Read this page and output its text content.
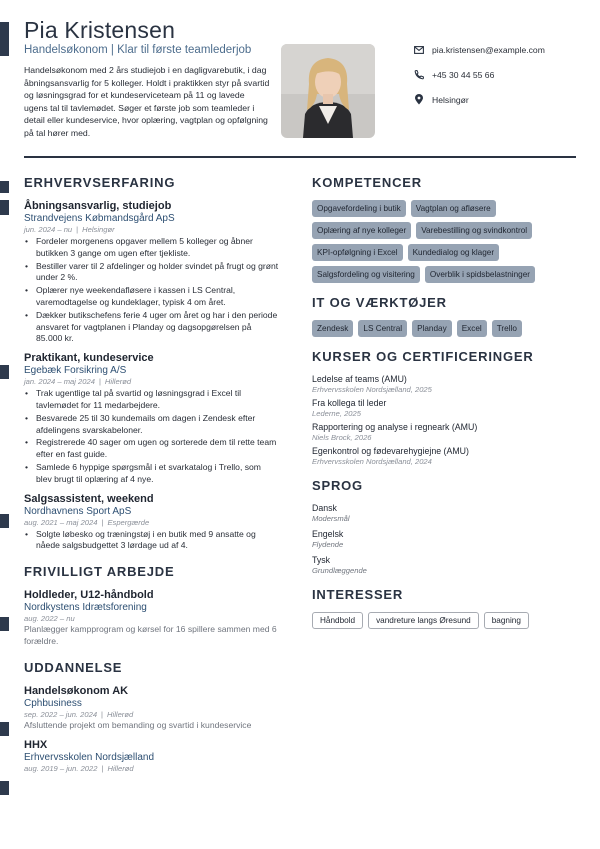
Pia Kristensen
Handelsøkonom | Klar til første teamlederjob
Handelsøkonom med 2 års studiejob i en dagligvarebutik, i dag åbningsansvarlig for 5 kolleger. Holdt i praktikken styr på svartid og løsningsgrad for et kundeserviceteam på 11 og lavede ugens tal til tavlemødet. Søger et første job som teamleder i detail eller kundeservice, hvor oplæring, vagtplan og opfølgning på tal hører med.
pia.kristensen@example.com
+45 30 44 55 66
Helsingør
ERHVERVSERFARING
Åbningsansvarlig, studiejob
Strandvejens Købmandsgård ApS
jun. 2024 – nu | Helsingør
• Fordeler morgenens opgaver mellem 5 kolleger og åbner butikken 3 gange om ugen efter tjekliste.
• Bestiller varer til 2 afdelinger og holder svindet på frugt og grønt under 2 %.
• Oplærer nye weekendafløsere i kassen i LS Central, varemodtagelse og kundeklager, typisk 4 om året.
• Dækker butikschefens ferie 4 uger om året og har i den periode ansvaret for vagtplanen i Planday og dagsopgørelsen på 85.000 kr.
Praktikant, kundeservice
Egebæk Forsikring A/S
jan. 2024 – maj 2024 | Hillerød
• Trak ugentlige tal på svartid og løsningsgrad i Excel til tavlemødet for 11 medarbejdere.
• Besvarede 25 til 30 kundemails om dagen i Zendesk efter afdelingens svarskabeloner.
• Registrerede 40 sager om ugen og sorterede dem til rette team efter en fast guide.
• Samlede 6 hyppige spørgsmål i et svarkatalog i Trello, som blev brugt til oplæring af 4 nye.
Salgsassistent, weekend
Nordhavnens Sport ApS
aug. 2021 – maj 2024 | Espergærde
• Solgte løbesko og træningstøj i en butik med 9 ansatte og nåede salgsbudgettet 3 lørdage ud af 4.
FRIVILLIGT ARBEJDE
Holdleder, U12-håndbold
Nordkystens Idrætsforening
aug. 2022 – nu
Planlægger kampprogram og kørsel for 16 spillere sammen med 6 forældre.
UDDANNELSE
Handelsøkonom AK
Cphbusiness
sep. 2022 – jun. 2024 | Hillerød
Afsluttende projekt om bemanding og svartid i kundeservice
HHX
Erhvervsskolen Nordsjælland
aug. 2019 – jun. 2022 | Hillerød
KOMPETENCER
Opgavefordeling i butik	Vagtplan og afløsere
Oplæring af nye kolleger	Varebestilling og svindkontrol
KPI-opfølgning i Excel	Kundedialog og klager
Salgsfordeling og visitering	Overblik i spidsbelastninger
IT OG VÆRKTØJER
Zendesk	LS Central	Planday	Excel	Trello
KURSER OG CERTIFICERINGER
Ledelse af teams (AMU)
Erhvervsskolen Nordsjælland, 2025
Fra kollega til leder
Lederne, 2025
Rapportering og analyse i regneark (AMU)
Niels Brock, 2026
Egenkontrol og fødevarehygiejne (AMU)
Erhvervsskolen Nordsjælland, 2024
SPROG
Dansk
Modersmål
Engelsk
Flydende
Tysk
Grundlæggende
INTERESSER
Håndbold	vandreture langs Øresund	bagning
